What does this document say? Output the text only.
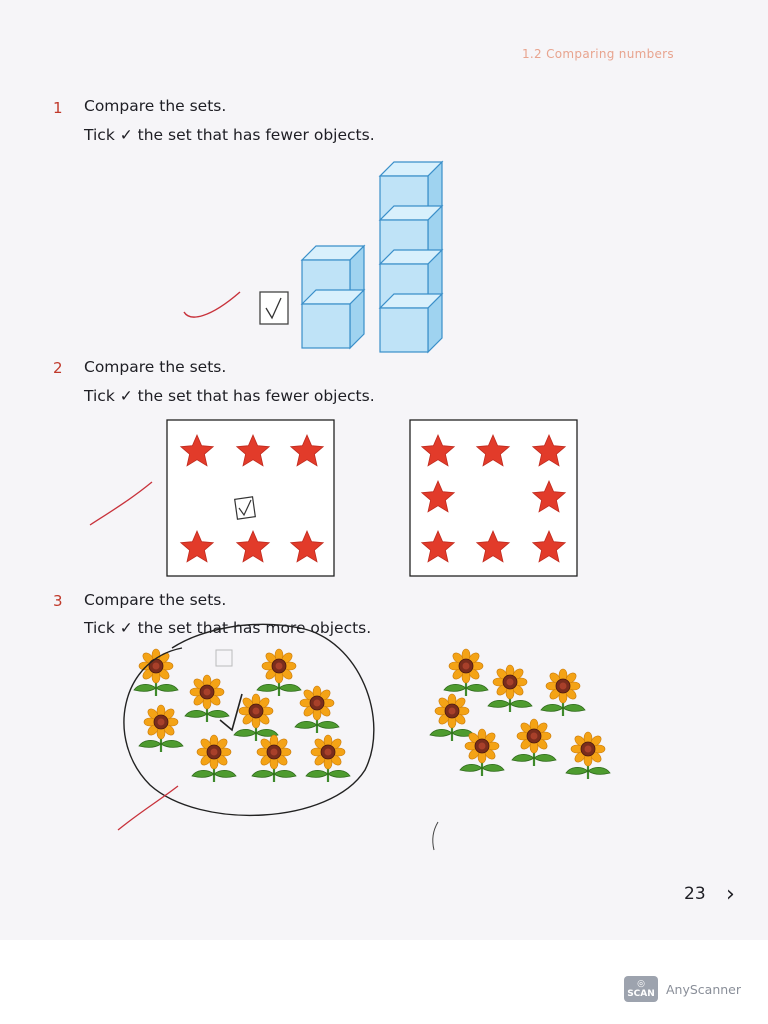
1.2 Comparing numbers
1 Compare the sets.
Tick ✓ the set that has fewer objects.
2 Compare the sets.
Tick ✓ the set that has fewer objects.
3 Compare the sets.
Tick ✓ the set that has more objects.
23 ›
◎
SCAN AnyScanner
